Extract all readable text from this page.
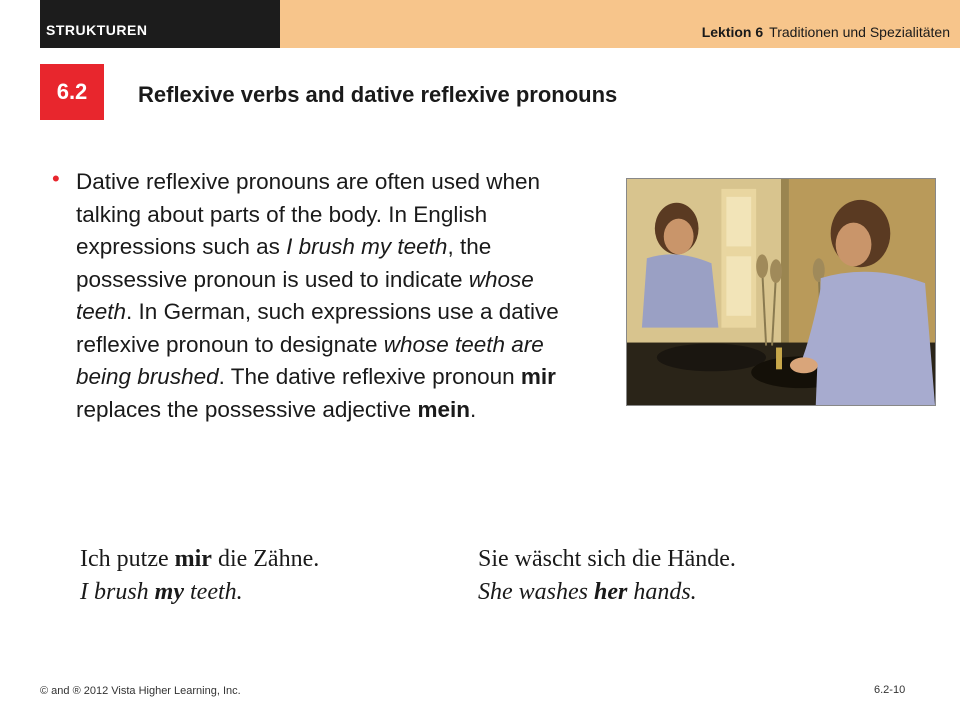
STRUKTUREN	Lektion 6 Traditionen und Spezialitäten
6.2 Reflexive verbs and dative reflexive pronouns
• Dative reflexive pronouns are often used when talking about parts of the body. In English expressions such as I brush my teeth, the possessive pronoun is used to indicate whose teeth. In German, such expressions use a dative reflexive pronoun to designate whose teeth are being brushed. The dative reflexive pronoun mir replaces the possessive adjective mein.
Ich putze mir die Zähne.
I brush my teeth.
Sie wäscht sich die Hände.
She washes her hands.
© and ® 2012 Vista Higher Learning, Inc.	6.2-10
